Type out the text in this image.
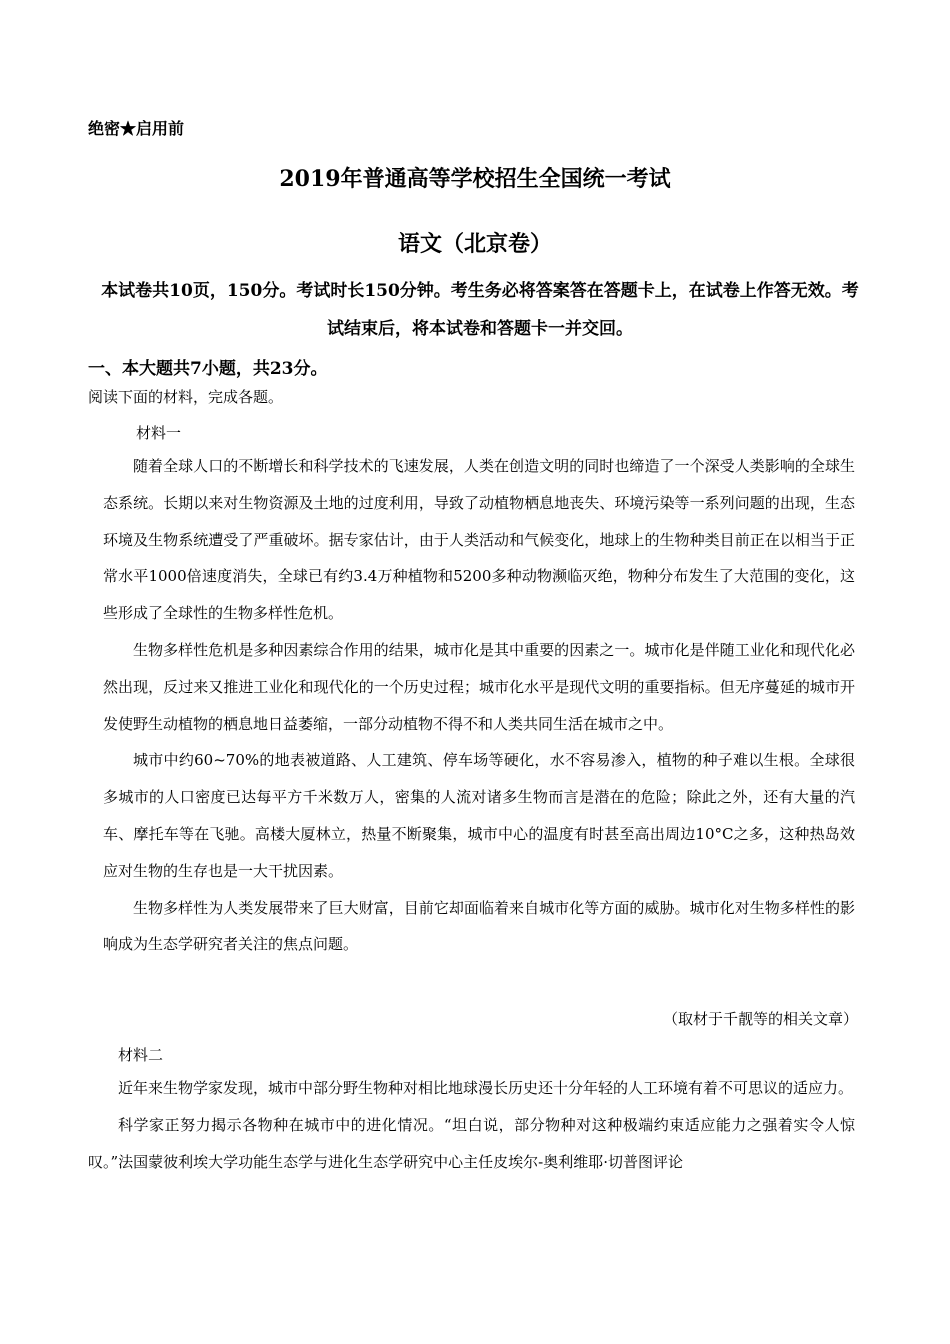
绝密★启用前
2019年普通高等学校招生全国统一考试
语文（北京卷）
本试卷共10页，150分。考试时长150分钟。考生务必将答案答在答题卡上，在试卷上作答无效。考试结束后，将本试卷和答题卡一并交回。
一、本大题共7小题，共23分。
阅读下面的材料，完成各题。
材料一

随着全球人口的不断增长和科学技术的飞速发展，人类在创造文明的同时也缔造了一个深受人类影响的全球生态系统。长期以来对生物资源及土地的过度利用，导致了动植物栖息地丧失、环境污染等一系列问题的出现，生态环境及生物系统遭受了严重破坏。据专家估计，由于人类活动和气候变化，地球上的生物种类目前正在以相当于正常水平1000倍速度消失，全球已有约3.4万种植物和5200多种动物濒临灭绝，物种分布发生了大范围的变化，这些形成了全球性的生物多样性危机。

生物多样性危机是多种因素综合作用的结果，城市化是其中重要的因素之一。城市化是伴随工业化和现代化必然出现，反过来又推进工业化和现代化的一个历史过程；城市化水平是现代文明的重要指标。但无序蔓延的城市开发使野生动植物的栖息地日益萎缩，一部分动植物不得不和人类共同生活在城市之中。

城市中约60~70%的地表被道路、人工建筑、停车场等硬化，水不容易渗入，植物的种子难以生根。全球很多城市的人口密度已达每平方千米数万人，密集的人流对诸多生物而言是潜在的危险；除此之外，还有大量的汽车、摩托车等在飞驰。高楼大厦林立，热量不断聚集，城市中心的温度有时甚至高出周边10°C之多，这种热岛效应对生物的生存也是一大干扰因素。

生物多样性为人类发展带来了巨大财富，目前它却面临着来自城市化等方面的威胁。城市化对生物多样性的影响成为生态学研究者关注的焦点问题。

（取材于千靓等的相关文章）
材料二

近年来生物学家发现，城市中部分野生物种对相比地球漫长历史还十分年轻的人工环境有着不可思议的适应力。

科学家正努力揭示各物种在城市中的进化情况。“坦白说，部分物种对这种极端约束适应能力之强着实令人惊叹。”法国蒙彼利埃大学功能生态学与进化生态学研究中心主任皮埃尔-奥利维耶·切普图评论
